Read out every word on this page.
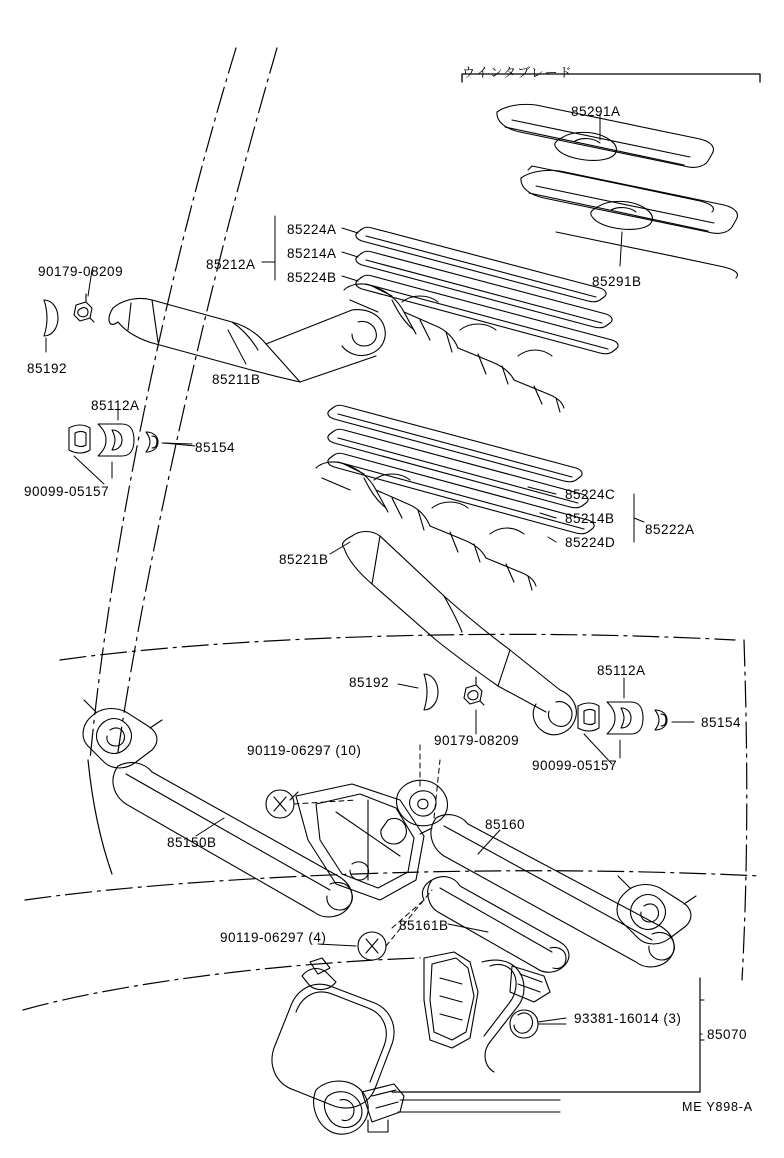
ウインタブレード
85291A
85291B
85224A
85214A
85224B
85212A
90179-08209
85192
85211B
85112A
85154
90099-05157	85224C
85214B
85224D
85222A
85221B
85192
85112A
90179-08209
85154
90099-05157
90119-06297 (10)
85160
85150B
85161B
90119-06297 (4)
93381-16014 (3)
85070
ME Y898-A
